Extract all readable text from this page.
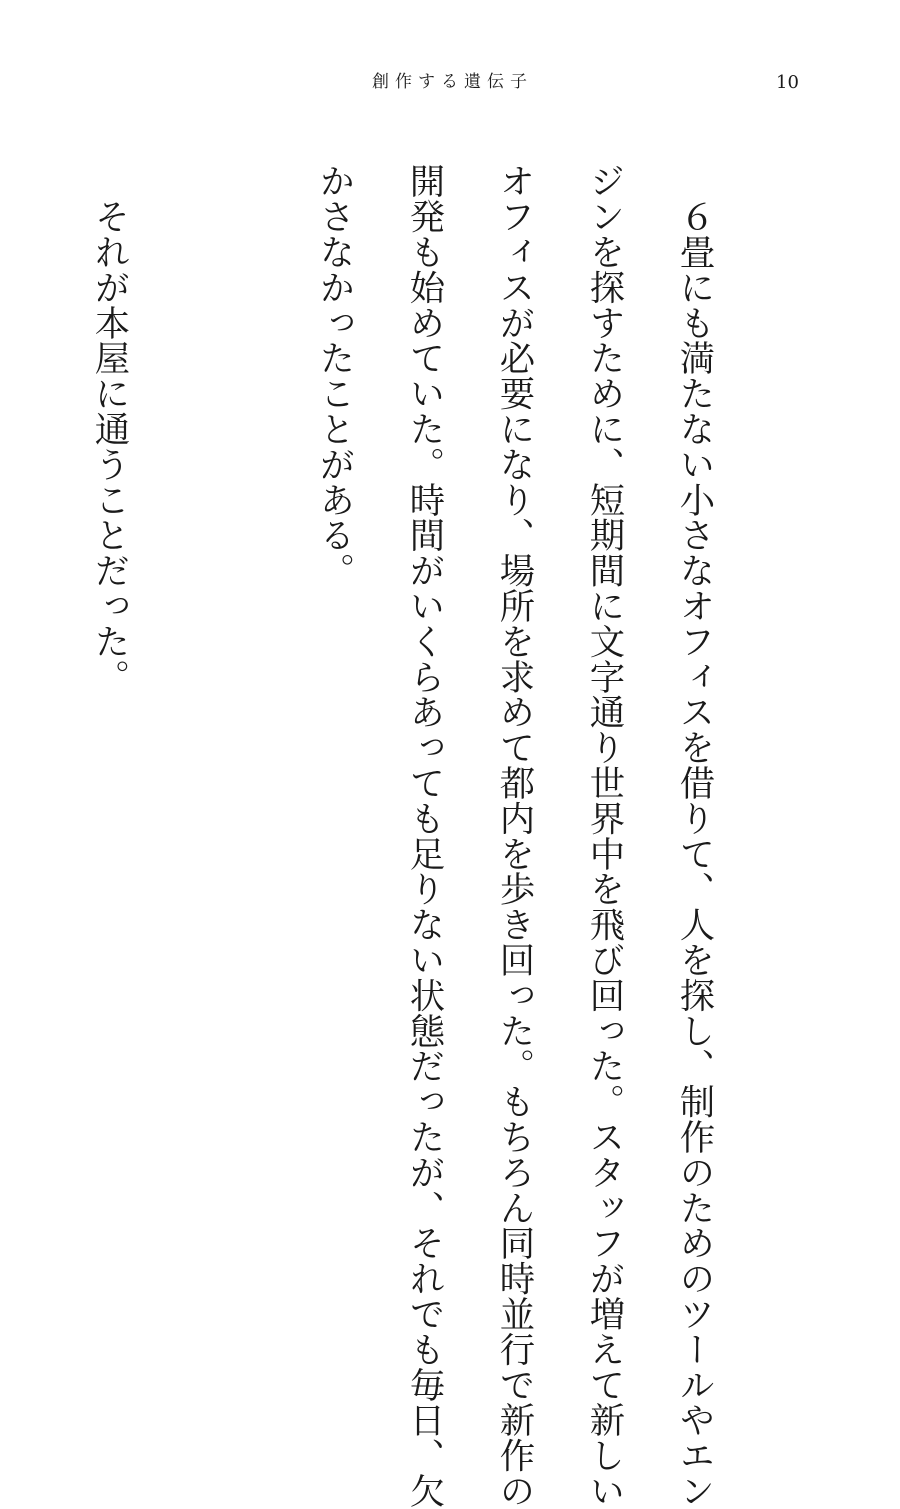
創作する遺伝子	10

　６畳にも満たない小さなオフィスを借りて、人を探し、制作のためのツールやエン

ジンを探すために、短期間に文字通り世界中を飛び回った。スタッフが増えて新しい

オフィスが必要になり、場所を求めて都内を歩き回った。もちろん同時並行で新作の

開発も始めていた。時間がいくらあっても足りない状態だったが、それでも毎日、欠

かさなかったことがある。

　それが本屋に通うことだった。
